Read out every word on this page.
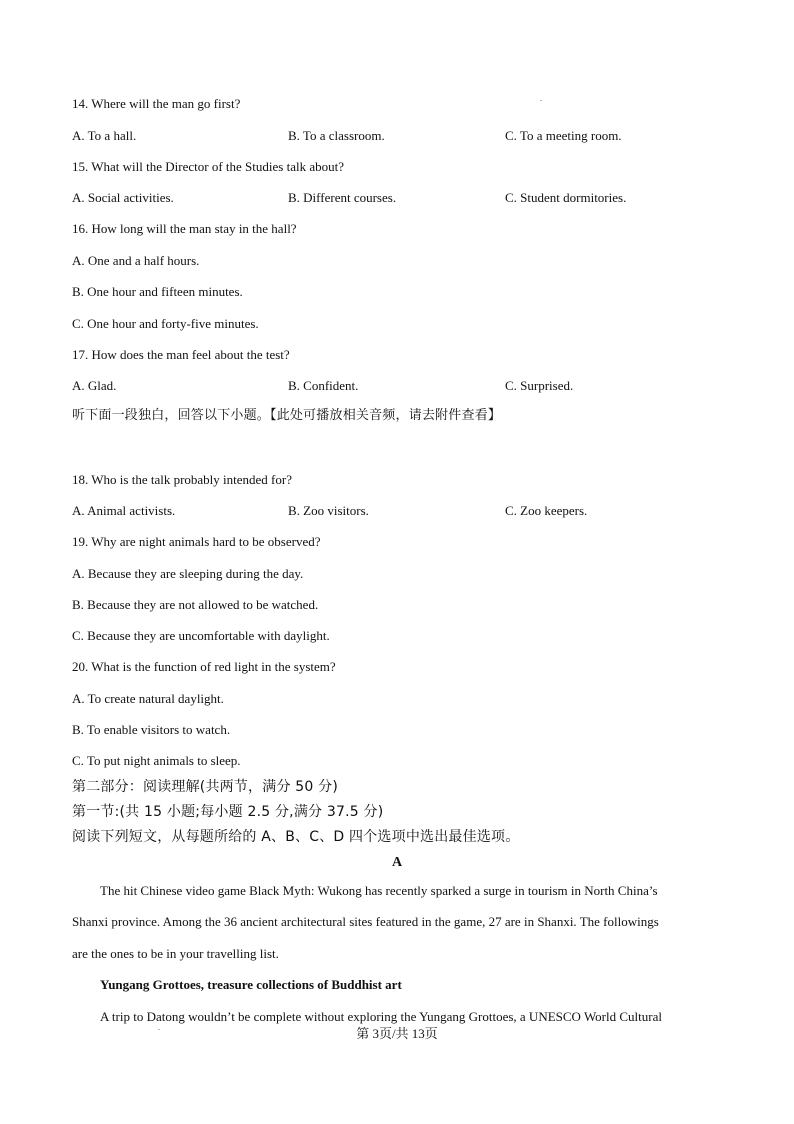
14. Where will the man go first?
A. To a hall.	B. To a classroom.	C. To a meeting room.
15. What will the Director of the Studies talk about?
A. Social activities.	B. Different courses.	C. Student dormitories.
16. How long will the man stay in the hall?
A. One and a half hours.
B. One hour and fifteen minutes.
C. One hour and forty-five minutes.
17. How does the man feel about the test?
A. Glad.	B. Confident.	C. Surprised.
听下面一段独白，回答以下小题。【此处可播放相关音频，请去附件查看】
18. Who is the talk probably intended for?
A. Animal activists.	B. Zoo visitors.	C. Zoo keepers.
19. Why are night animals hard to be observed?
A. Because they are sleeping during the day.
B. Because they are not allowed to be watched.
C. Because they are uncomfortable with daylight.
20. What is the function of red light in the system?
A. To create natural daylight.
B. To enable visitors to watch.
C. To put night animals to sleep.
第二部分：阅读理解(共两节，满分 50 分)
第一节:(共 15 小题;每小题 2.5 分,满分 37.5 分)
阅读下列短文，从每题所给的 A、B、C、D 四个选项中选出最佳选项。
A
The hit Chinese video game Black Myth: Wukong has recently sparked a surge in tourism in North China’s
Shanxi province. Among the 36 ancient architectural sites featured in the game, 27 are in Shanxi. The followings
are the ones to be in your travelling list.
Yungang Grottoes, treasure collections of Buddhist art
A trip to Datong wouldn’t be complete without exploring the Yungang Grottoes, a UNESCO World Cultural
第 3页/共 13页
